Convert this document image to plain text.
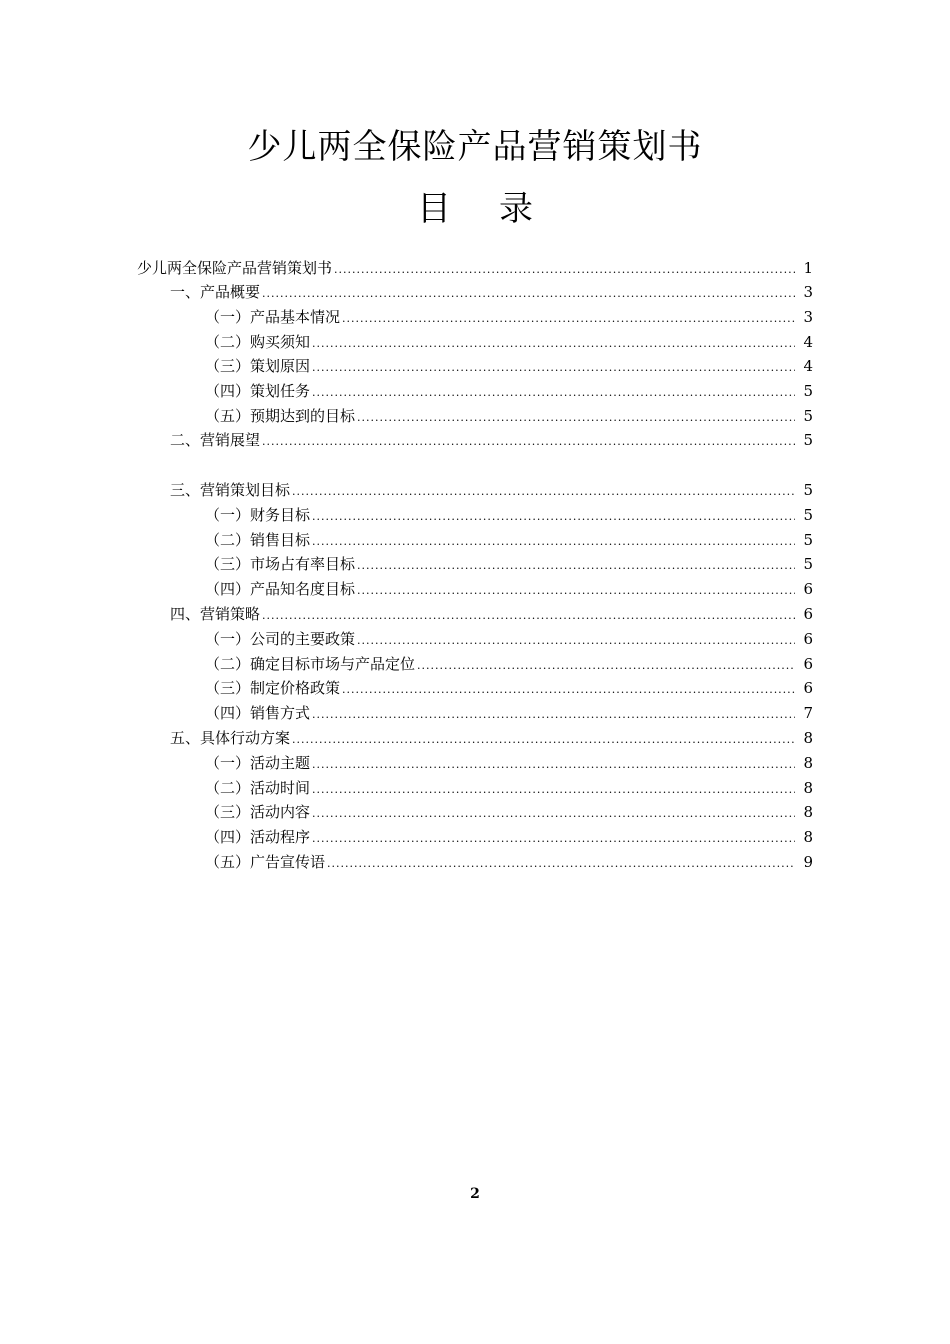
少儿两全保险产品营销策划书
目 录
少儿两全保险产品营销策划书 .....	1
一、产品概要 .....	3
（一）产品基本情况 .....	3
（二）购买须知 .....	4
（三）策划原因 .....	4
（四）策划任务 .....	5
（五）预期达到的目标 .....	5
二、营销展望 .....	5
三、营销策划目标 .....	5
（一）财务目标 .....	5
（二）销售目标 .....	5
（三）市场占有率目标 .....	5
（四）产品知名度目标 .....	6
四、营销策略 .....	6
（一）公司的主要政策 .....	6
（二）确定目标市场与产品定位 .....	6
（三）制定价格政策 .....	6
（四）销售方式 .....	7
五、具体行动方案 .....	8
（一）活动主题 .....	8
（二）活动时间 .....	8
（三）活动内容 .....	8
（四）活动程序 .....	8
（五）广告宣传语 .....	9
2
